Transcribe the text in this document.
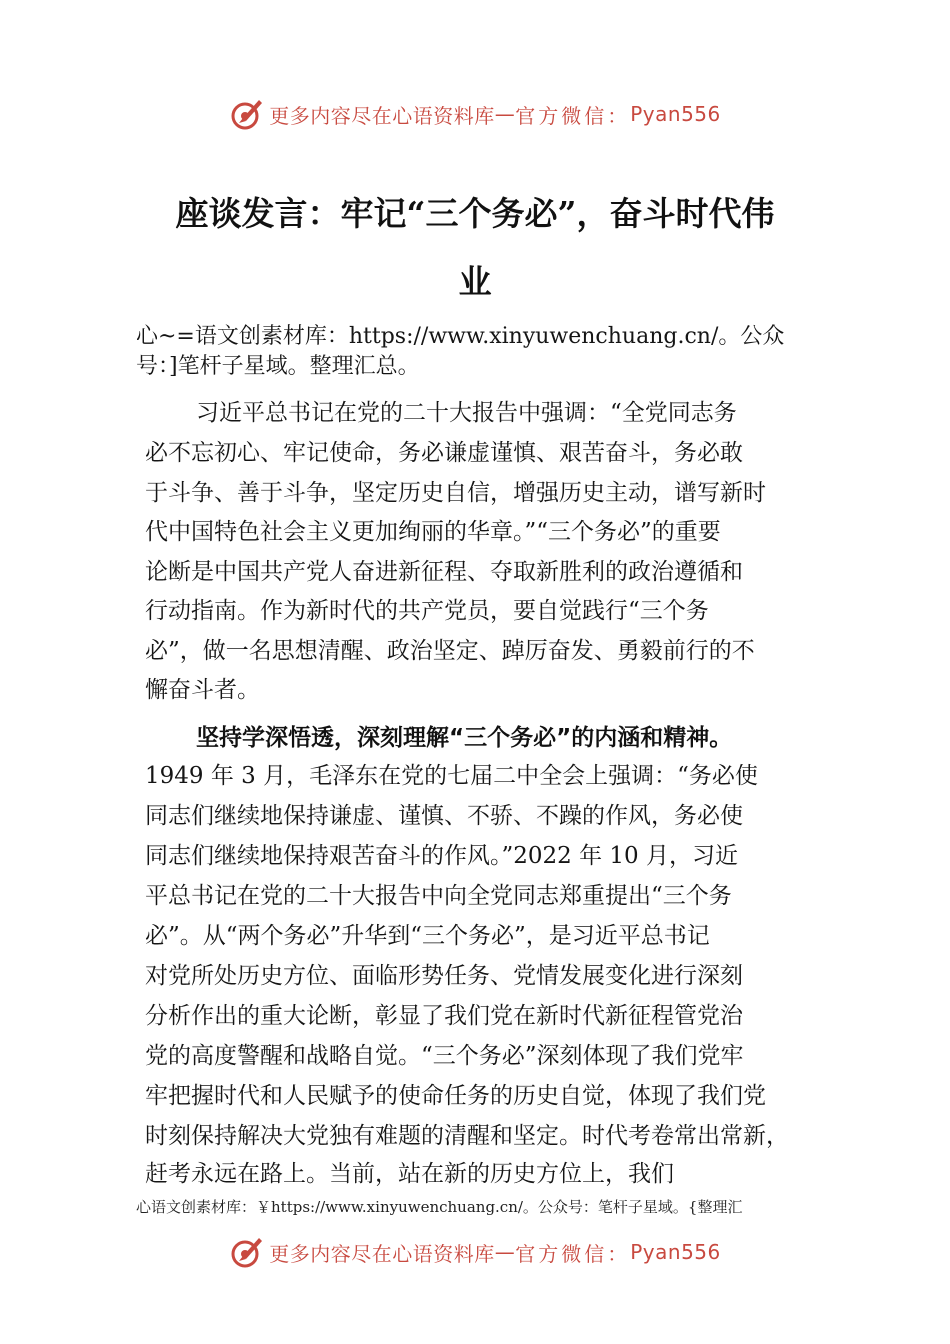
更多内容尽在心语资料库 — 官方微信： Pyan556
座谈发言：牢记“三个务必”，奋斗时代伟
业
心~=语文创素材库：https://www.xinyuwenchuang.cn/。公众
号：]笔杆子星域。整理汇总。
习近平总书记在党的二十大报告中强调：“全党同志务
必不忘初心、牢记使命，务必谦虚谨慎、艰苦奋斗，务必敢
于斗争、善于斗争，坚定历史自信，增强历史主动，谱写新时
代中国特色社会主义更加绚丽的华章。”“三个务必”的重要
论断是中国共产党人奋进新征程、夺取新胜利的政治遵循和
行动指南。作为新时代的共产党员，要自觉践行“三个务
必”，做一名思想清醒、政治坚定、踔厉奋发、勇毅前行的不
懈奋斗者。
坚持学深悟透，深刻理解“三个务必”的内涵和精神。
1949 年 3 月，毛泽东在党的七届二中全会上强调：“务必使
同志们继续地保持谦虚、谨慎、不骄、不躁的作风，务必使
同志们继续地保持艰苦奋斗的作风。”2022 年 10 月，习近
平总书记在党的二十大报告中向全党同志郑重提出“三个务
必”。从“两个务必”升华到“三个务必”，是习近平总书记
对党所处历史方位、面临形势任务、党情发展变化进行深刻
分析作出的重大论断，彰显了我们党在新时代新征程管党治
党的高度警醒和战略自觉。“三个务必”深刻体现了我们党牢
牢把握时代和人民赋予的使命任务的历史自觉，体现了我们党
时刻保持解决大党独有难题的清醒和坚定。时代考卷常出常新，
赶考永远在路上。当前，站在新的历史方位上，我们
心语文创素材库：￥https://www.xinyuwenchuang.cn/。公众号：笔杆子星域。{整理汇
更多内容尽在心语资料库 — 官方微信： Pyan556
